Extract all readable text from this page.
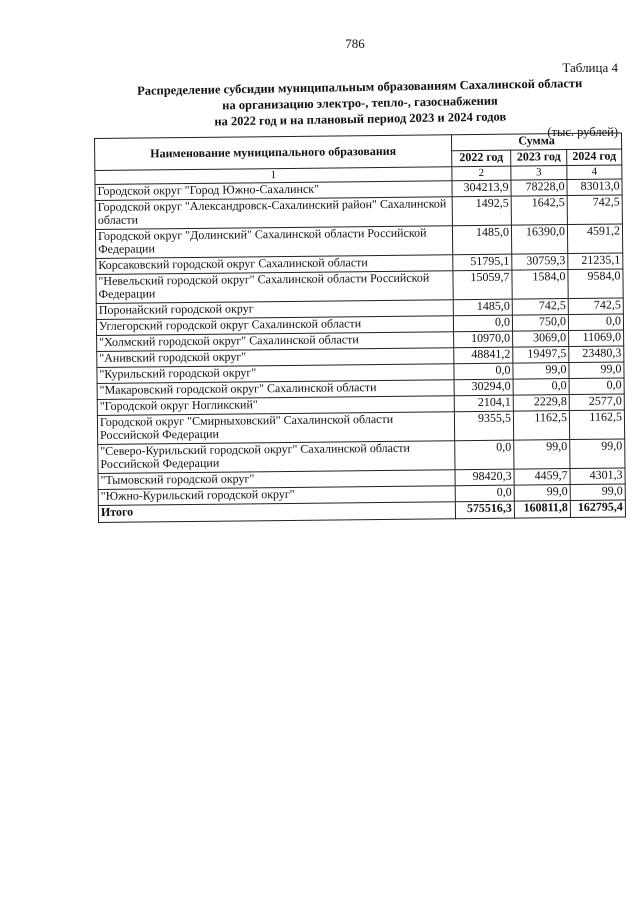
786
Таблица 4
Распределение субсидии муниципальным образованиям Сахалинской области
на организацию электро-, тепло-, газоснабжения
на 2022 год и на плановый период 2023 и 2024 годов
(тыс. рублей)
Наименование муниципального образования	Сумма		
	2022 год	2023 год	2024 год
1	2	3	4
Городской округ "Город Южно-Сахалинск"	304213,9	78228,0	83013,0
Городской округ "Александровск-Сахалинский район" Сахалинской области	1492,5	1642,5	742,5
Городской округ "Долинский" Сахалинской области Российской Федерации	1485,0	16390,0	4591,2
Корсаковский городской округ Сахалинской области	51795,1	30759,3	21235,1
"Невельский городской округ" Сахалинской области Российской Федерации	15059,7	1584,0	9584,0
Поронайский городской округ	1485,0	742,5	742,5
Углегорский городской округ Сахалинской области	0,0	750,0	0,0
"Холмский городской округ" Сахалинской области	10970,0	3069,0	11069,0
"Анивский городской округ"	48841,2	19497,5	23480,3
"Курильский городской округ"	0,0	99,0	99,0
"Макаровский городской округ" Сахалинской области	30294,0	0,0	0,0
"Городской округ Ногликский"	2104,1	2229,8	2577,0
Городской округ "Смирныховский" Сахалинской области Российской Федерации	9355,5	1162,5	1162,5
"Северо-Курильский городской округ" Сахалинской области Российской Федерации	0,0	99,0	99,0
"Тымовский городской округ"	98420,3	4459,7	4301,3
"Южно-Курильский городской округ"	0,0	99,0	99,0
Итого	575516,3	160811,8	162795,4
